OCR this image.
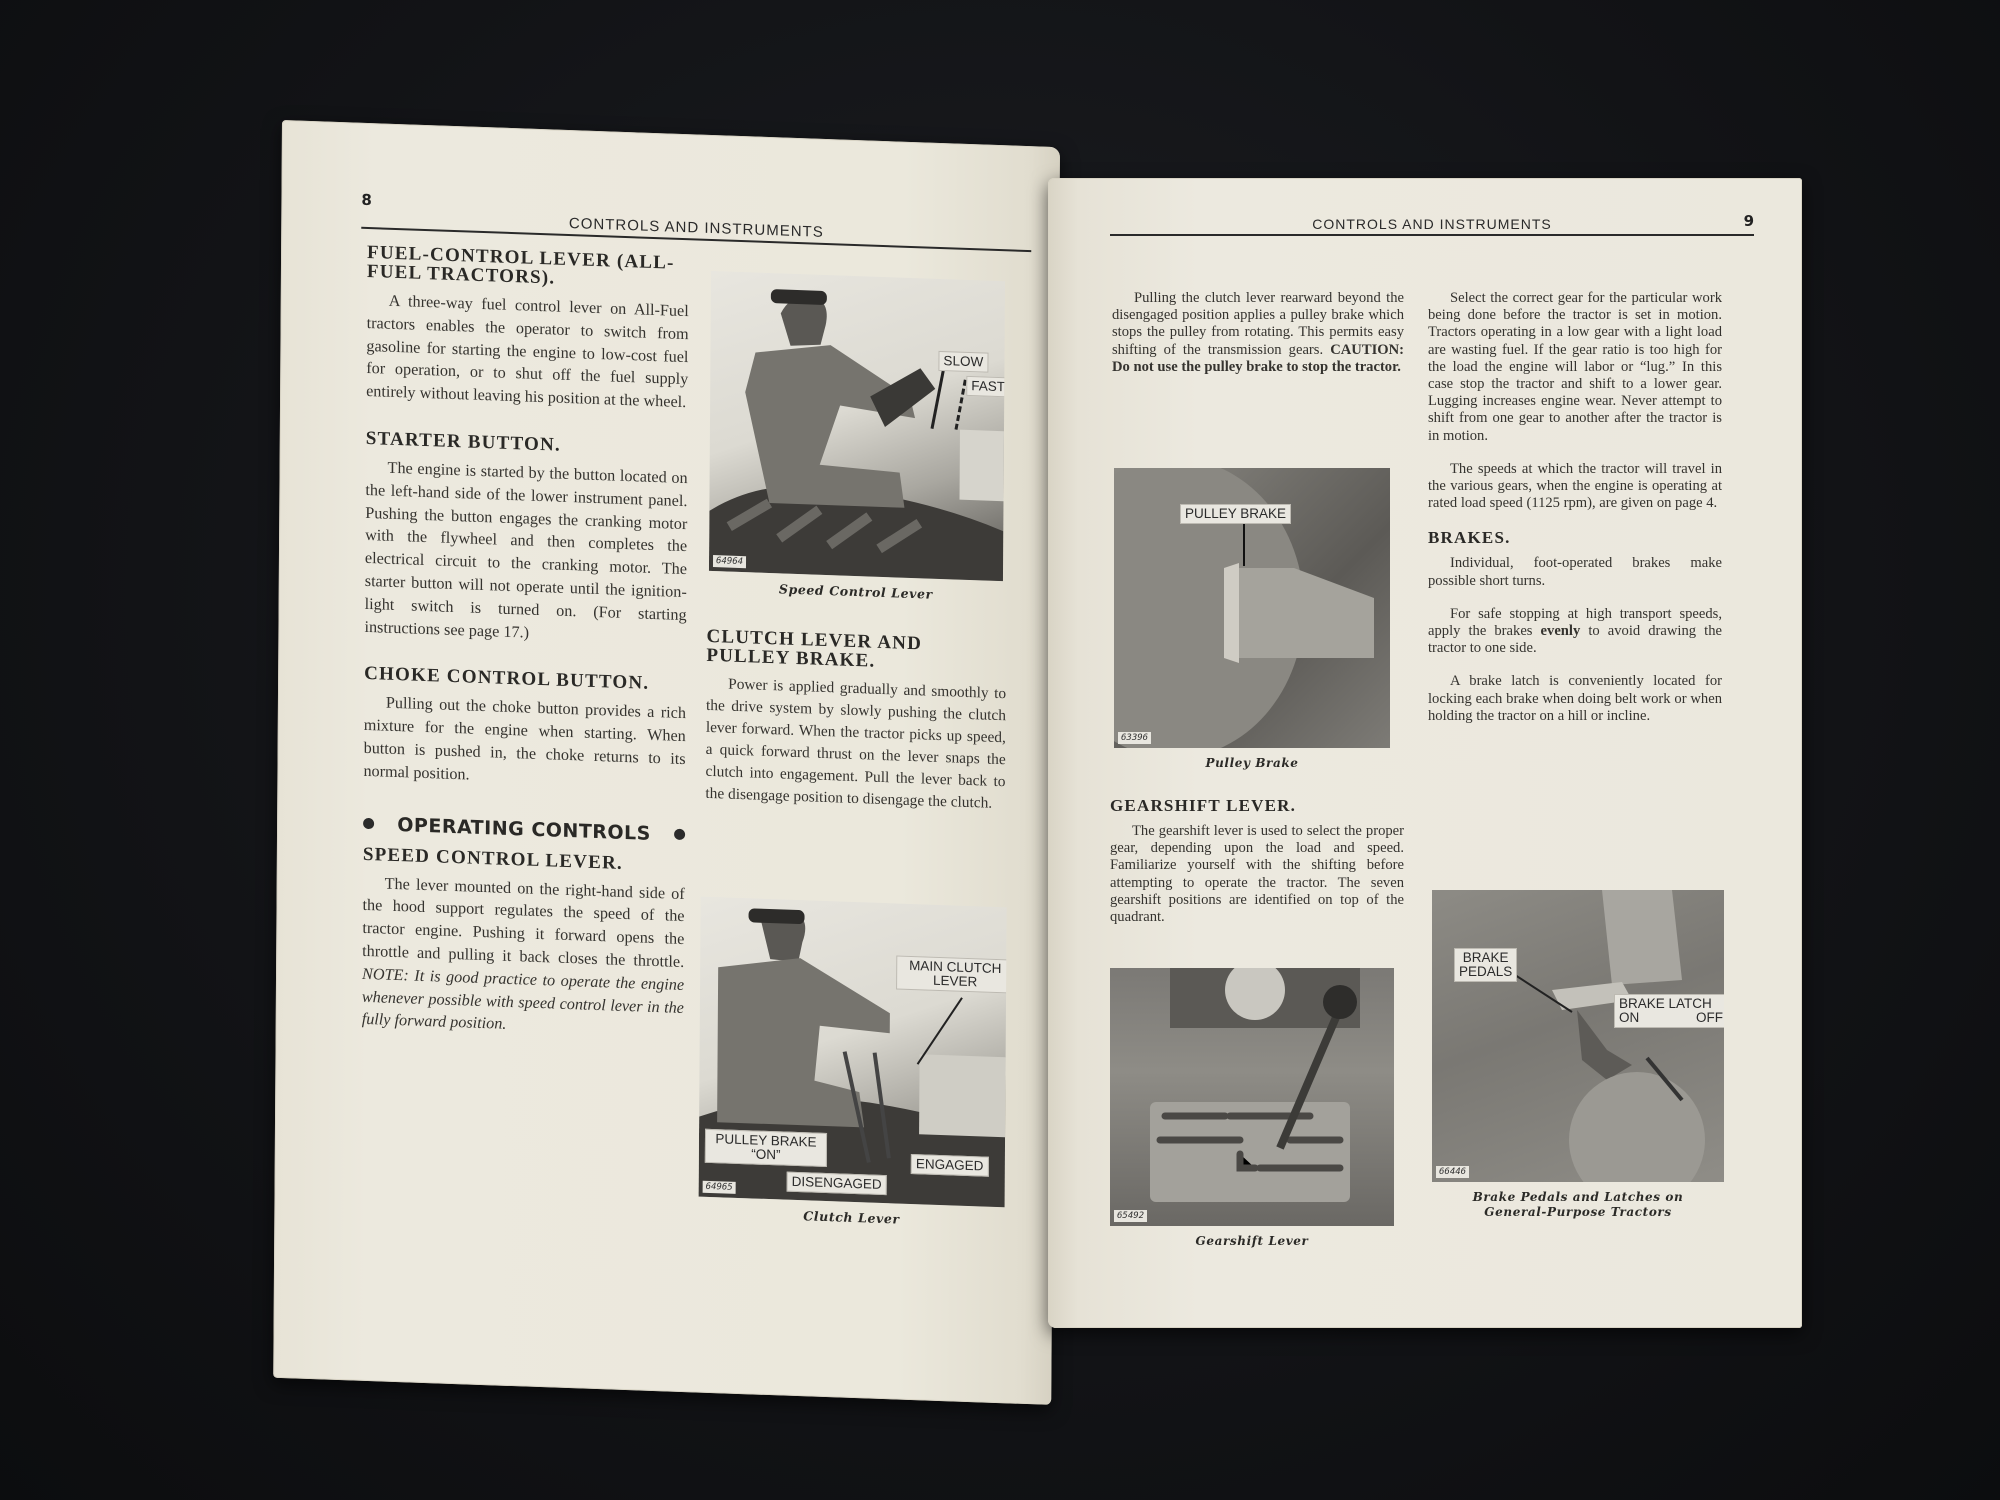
8
CONTROLS AND INSTRUMENTS
FUEL-CONTROL LEVER (ALL-FUEL TRACTORS).

A three-way fuel control lever on All-Fuel tractors enables the operator to switch from gasoline for starting the engine to low-cost fuel for operation, or to shut off the fuel supply entirely without leaving his position at the wheel.

STARTER BUTTON.

The engine is started by the button located on the left-hand side of the lower instrument panel. Pushing the button engages the cranking motor with the flywheel and then completes the electrical circuit to the cranking motor. The starter button will not operate until the ignition-light switch is turned on. (For starting instructions see page 17.)

CHOKE CONTROL BUTTON.

Pulling out the choke button provides a rich mixture for the engine when starting. When button is pushed in, the choke returns to its normal position.

OPERATING CONTROLS
SPEED CONTROL LEVER.

The lever mounted on the right-hand side of the hood support regulates the speed of the tractor engine. Pushing it forward opens the throttle and pulling it back closes the throttle. NOTE: It is good practice to operate the engine whenever possible with speed control lever in the fully forward position.

SLOW
FAST
64964
Speed Control Lever
CLUTCH LEVER AND PULLEY BRAKE.

Power is applied gradually and smoothly to the drive system by slowly pushing the clutch lever forward. When the tractor picks up speed, a quick forward thrust on the lever snaps the clutch into engagement. Pull the lever back to the disengage position to disengage the clutch.

MAIN CLUTCH LEVER
PULLEY BRAKE
“ON”
DISENGAGED
ENGAGED
64965
Clutch Lever
CONTROLS AND INSTRUMENTS	9

Pulling the clutch lever rearward beyond the disengaged position applies a pulley brake which stops the pulley from rotating. This permits easy shifting of the transmission gears. CAUTION: Do not use the pulley brake to stop the tractor.

PULLEY BRAKE
63396
Pulley Brake
GEARSHIFT LEVER.

The gearshift lever is used to select the proper gear, depending upon the load and speed. Familiarize yourself with the shifting before attempting to operate the tractor. The seven gearshift positions are identified on top of the quadrant.

65492
Gearshift Lever

Select the correct gear for the particular work being done before the tractor is set in motion. Tractors operating in a low gear with a light load are wasting fuel. If the gear ratio is too high for the load the engine will labor or “lug.” In this case stop the tractor and shift to a lower gear. Lugging increases engine wear. Never attempt to shift from one gear to another after the tractor is in motion.

The speeds at which the tractor will travel in the various gears, when the engine is operating at rated load speed (1125 rpm), are given on page 4.

BRAKES.

Individual, foot-operated brakes make possible short turns.

For safe stopping at high transport speeds, apply the brakes evenly to avoid drawing the tractor to one side.

A brake latch is conveniently located for locking each brake when doing belt work or when holding the tractor on a hill or incline.

BRAKE
PEDALS
BRAKE LATCH
ON	OFF
66446
Brake Pedals and Latches on
General-Purpose Tractors
